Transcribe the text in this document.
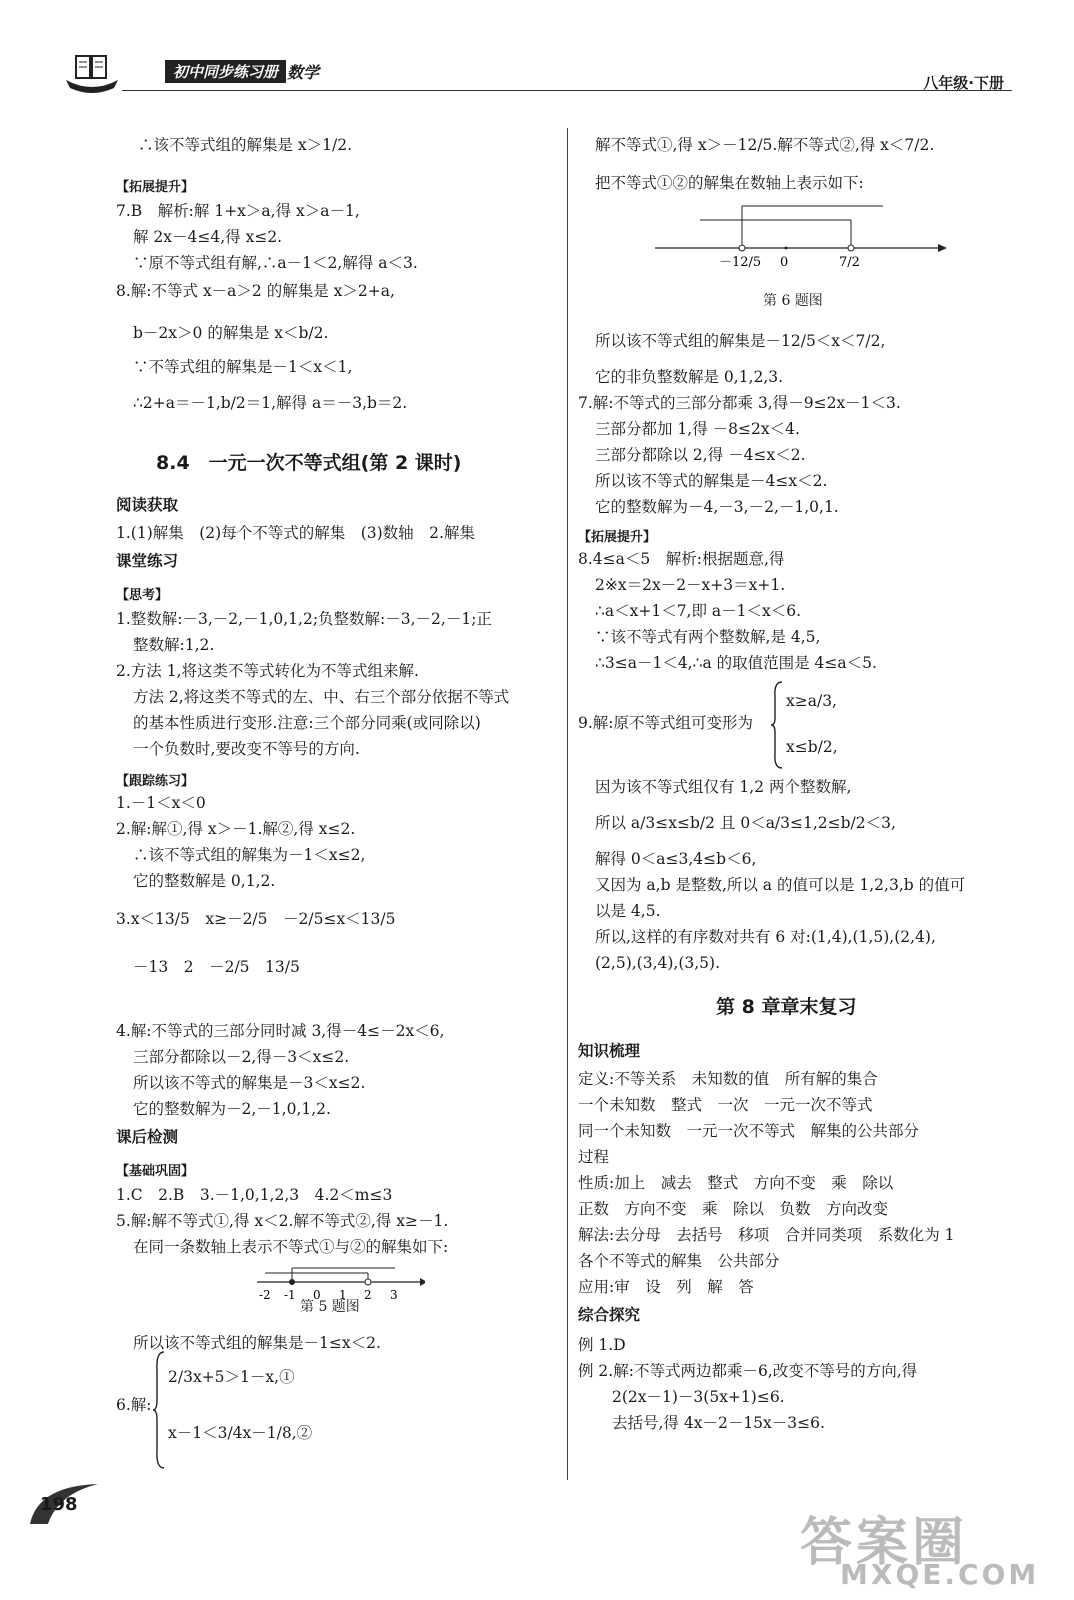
初中同步练习册 数学
八年级·下册
∴该不等式组的解集是 x＞1/2.
【拓展提升】
7.B　解析:解 1+x＞a,得 x＞a－1,
解 2x－4≤4,得 x≤2.
∵原不等式组有解,∴a－1＜2,解得 a＜3.
8.解:不等式 x－a＞2 的解集是 x＞2+a,
b－2x＞0 的解集是 x＜b/2.
∵不等式组的解集是－1＜x＜1,
∴2+a＝－1,b/2＝1,解得 a＝－3,b＝2.
8.4　一元一次不等式组(第 2 课时)
阅读获取
1.(1)解集　(2)每个不等式的解集　(3)数轴　2.解集
课堂练习
【思考】
1.整数解:－3,－2,－1,0,1,2;负整数解:－3,－2,－1;正
整数解:1,2.
2.方法 1,将这类不等式转化为不等式组来解.
方法 2,将这类不等式的左、中、右三个部分依据不等式
的基本性质进行变形.注意:三个部分同乘(或同除以)
一个负数时,要改变不等号的方向.
【跟踪练习】
1.－1＜x＜0
2.解:解①,得 x＞－1.解②,得 x≤2.
∴该不等式组的解集为－1＜x≤2,
它的整数解是 0,1,2.
3.x＜13/5　x≥－2/5　－2/5≤x＜13/5
－13　2　－2/5　13/5
4.解:不等式的三部分同时减 3,得－4≤－2x＜6,
三部分都除以－2,得－3＜x≤2.
所以该不等式的解集是－3＜x≤2.
它的整数解为－2,－1,0,1,2.
课后检测
【基础巩固】
1.C　2.B　3.－1,0,1,2,3　4.2＜m≤3
5.解:解不等式①,得 x＜2.解不等式②,得 x≥－1.
在同一条数轴上表示不等式①与②的解集如下:
-2 -1 0 1 2 3
第 5 题图
所以该不等式组的解集是－1≤x＜2.
6.解:
2/3x+5＞1－x,①
x－1＜3/4x－1/8,②
解不等式①,得 x＞－12/5.解不等式②,得 x＜7/2.
把不等式①②的解集在数轴上表示如下:
－12/5 0	7/2
第 6 题图
所以该不等式组的解集是－12/5＜x＜7/2,
它的非负整数解是 0,1,2,3.
7.解:不等式的三部分都乘 3,得－9≤2x－1＜3.
三部分都加 1,得 －8≤2x＜4.
三部分都除以 2,得 －4≤x＜2.
所以该不等式的解集是－4≤x＜2.
它的整数解为－4,－3,－2,－1,0,1.
【拓展提升】
8.4≤a＜5　解析:根据题意,得
2※x＝2x－2－x+3＝x+1.
∴a＜x+1＜7,即 a－1＜x＜6.
∵该不等式有两个整数解,是 4,5,
∴3≤a－1＜4,∴a 的取值范围是 4≤a＜5.
9.解:原不等式组可变形为
x≥a/3,
x≤b/2,
因为该不等式组仅有 1,2 两个整数解,
所以 a/3≤x≤b/2 且 0＜a/3≤1,2≤b/2＜3,
解得 0＜a≤3,4≤b＜6,
又因为 a,b 是整数,所以 a 的值可以是 1,2,3,b 的值可
以是 4,5.
所以,这样的有序数对共有 6 对:(1,4),(1,5),(2,4),
(2,5),(3,4),(3,5).
第 8 章章末复习
知识梳理
定义:不等关系　未知数的值　所有解的集合
一个未知数　整式　一次　一元一次不等式
同一个未知数　一元一次不等式　解集的公共部分
过程
性质:加上　减去　整式　方向不变　乘　除以
正数　方向不变　乘　除以　负数　方向改变
解法:去分母　去括号　移项　合并同类项　系数化为 1
各个不等式的解集　公共部分
应用:审　设　列　解　答
综合探究
例 1.D
例 2.解:不等式两边都乘－6,改变不等号的方向,得
2(2x－1)－3(5x+1)≤6.
去括号,得 4x－2－15x－3≤6.
198
答案圈
MXQE.COM
